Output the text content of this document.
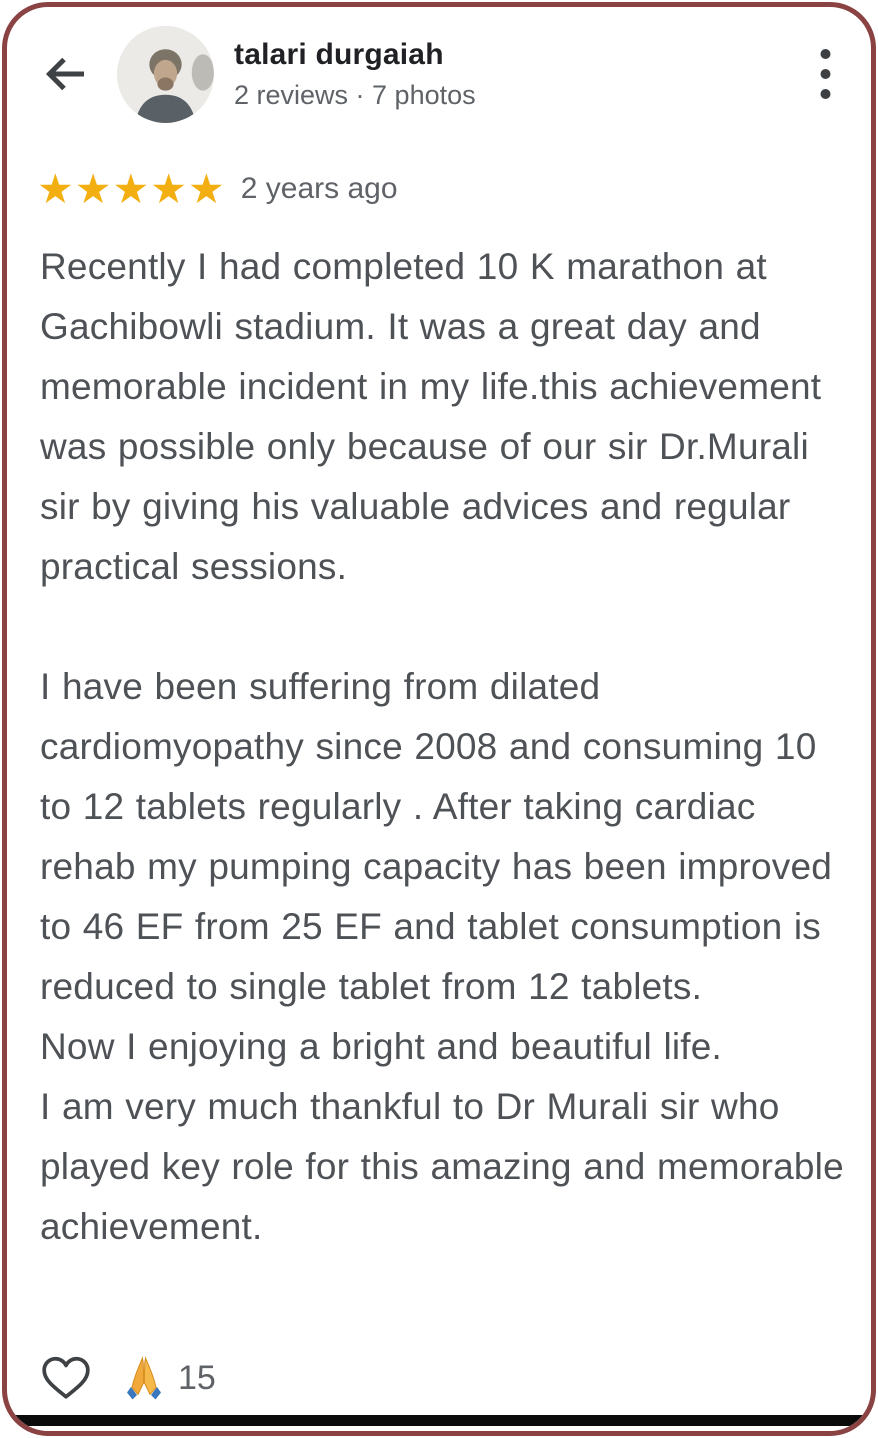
talari durgaiah
2 reviews · 7 photos
★★★★★ 2 years ago

Recently I had completed 10 K marathon at Gachibowli stadium. It was a great day and memorable incident in my life.this achievement was possible only because of our sir Dr.Murali sir by giving his valuable advices and regular practical sessions.

I have been suffering from dilated cardiomyopathy since 2008 and consuming 10 to 12 tablets regularly . After taking cardiac rehab my pumping capacity has been improved to 46 EF from 25 EF and tablet consumption is reduced to single tablet from 12 tablets.

Now I enjoying a bright and beautiful life.

I am very much thankful to Dr Murali sir who played key role for this amazing and memorable achievement.

15
